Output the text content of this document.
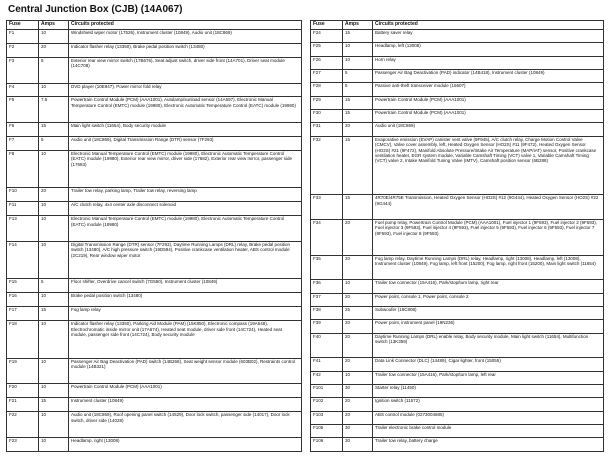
Central Junction Box (CJB) (14A067)
Fuse	Amps	Circuits protected
F1	10	Windshield wiper motor (17526), Instrument cluster (10849), Audio unit (18C869)
F2	20	Indicator flasher relay (13350), Brake pedal position switch (13480)
F3	5	Exterior rear view mirror switch (17B676), Seat adjust switch, driver side front (14A701), Driver seat module (14C708)
F4	10	DVD player (10E947), Power mirror fold relay
F5	7.5	Powertrain Control Module (PCM) (AAA1001), Autolamp/sunload sensor (14A597), Electronic Manual Temperature Control (EMTC) module (19980), Electronic Automatic Temperature Control (EATC) module (19980)
F6	15	Main light switch (11654), Body security module
F7	5	Audio unit (18C869), Digital Transmission Range (DTR) sensor (7F293)
F8	10	Electronic Manual Temperature Control (EMTC) module (19980), Electronic Automatic Temperature Control (EATC) module (19980), Exterior rear view mirror, driver side (17682), Exterior rear view mirror, passenger side (17683)
F10	20	Trailer tow relay, parking lamp, Trailer tow relay, reversing lamp
F11	10	A/C clutch relay, 4x4 center axle disconnect solenoid
F13	10	Electronic Manual Temperature Control (EMTC) module (19980), Electronic Automatic Temperature Control (EATC) module (19980)
F14	10	Digital Transmission Range (DTR) sensor (7F293), Daytime Running Lamps (DRL) relay, Brake pedal position switch (13480), A/C high pressure switch (19D594), Positive crankcase ventilation heater, ABS control module (2C219), Rear window wiper motor
F15	5	Floor shifter, Overdrive cancel switch (7G550), Instrument cluster (10849)
F16	10	Brake pedal position switch (13480)
F17	15	Fog lamp relay
F18	10	Indicator flasher relay (13350), Parking Aid Module (PAM) (15K850), Electronic compass (19A548), Electrochromatic inside mirror unit (17A674), Heated seat module, driver side front (14C724), Heated seat module, passenger side front (14C724), Body security module
F19	10	Passenger Air Bag Deactivation (PAD) switch (14B268), Seat weight sensor module (603B02), Restraints control module (14B321)
F20	10	Powertrain Control Module (PCM) (AAA1001)
F21	15	Instrument cluster (10849)
F22	10	Audio unit (18C869), Roof opening panel switch (14529), Door lock switch, passenger side (14017), Door lock switch, driver side (14028)
F23	10	Headlamp, right (13008)
Fuse	Amps	Circuits protected
F24	15	Battery saver relay
F25	10	Headlamp, left (13008)
F26	10	Horn relay
F27	5	Passenger Air Bag Deactivation (PAD) indicator (14B418), Instrument cluster (10849)
F28	5	Passive anti-theft transceiver module (15607)
F29	15	Powertrain Control Module (PCM) (AAA1001)
F30	15	Powertrain Control Module (PCM) (AAA1001)
F31	20	Audio unit (18C869)
F32	15	Evaporative emission (EVAP) canister vent valve (9F945), A/C clutch relay, Charge Motion Control Valve (CMCV), Valve cover assembly, left, Heated Oxygen Sensor (HO2S) #11 (9F472), Heated Oxygen Sensor (HO2S) #21 (9F472), Manifold Absolute Pressure/Intake Air Temperature (MAP/IAT) sensor, Positive crankcase ventilation heater, EGR system module, Variable Camshaft Timing (VCT) valve 1, Variable Camshaft Timing (VCT) valve 2, Intake Manifold Tuning Valve (IMTV), Camshaft position sensor (6B288)
F33	15	4R70E/4R75E Transmission, Heated Oxygen Sensor (HO2S) #12 (9G444), Heated Oxygen Sensor (HO2S) #22 (9G444)
F34	20	Fuel pump relay, Powertrain Control Module (PCM) (AAA1001), Fuel injector 1 (9F593), Fuel injector 2 (9F593), Fuel injector 3 (9F593), Fuel injector 4 (9F593), Fuel injector 5 (9F593), Fuel injector 6 (9F593), Fuel injector 7 (9F593), Fuel injector 8 (9F593)
F35	20	Fog lamp relay, Daytime Running Lamps (DRL) relay, Headlamp, right (13008), Headlamp, left (13008), Instrument cluster (10849), Fog lamp, left front (15200), Fog lamp, right front (15200), Main light switch (11654)
F36	10	Trailer tow connector (15A416), Park/stop/turn lamp, right rear
F37	20	Power point, console 1, Power point, console 2
F38	25	Subwoofer (18C808)
F39	20	Power point, instrument panel (19N236)
F40	20	Daytime Running Lamps (DRL) enable relay, Body security module, Main light switch (11654), Multifunction switch (13K359)
F41	20	Data Link Connector (DLC) (14489), Cigar lighter, front (15055)
F42	10	Trailer tow connector (15A416), Park/stop/turn lamp, left rear
F101	30	Starter relay (11450)
F102	20	Ignition switch (11572)
F103	20	ABS control module (0273004685)
F105	30	Trailer electronic brake control module
F106	30	Trailer tow relay, battery charge
